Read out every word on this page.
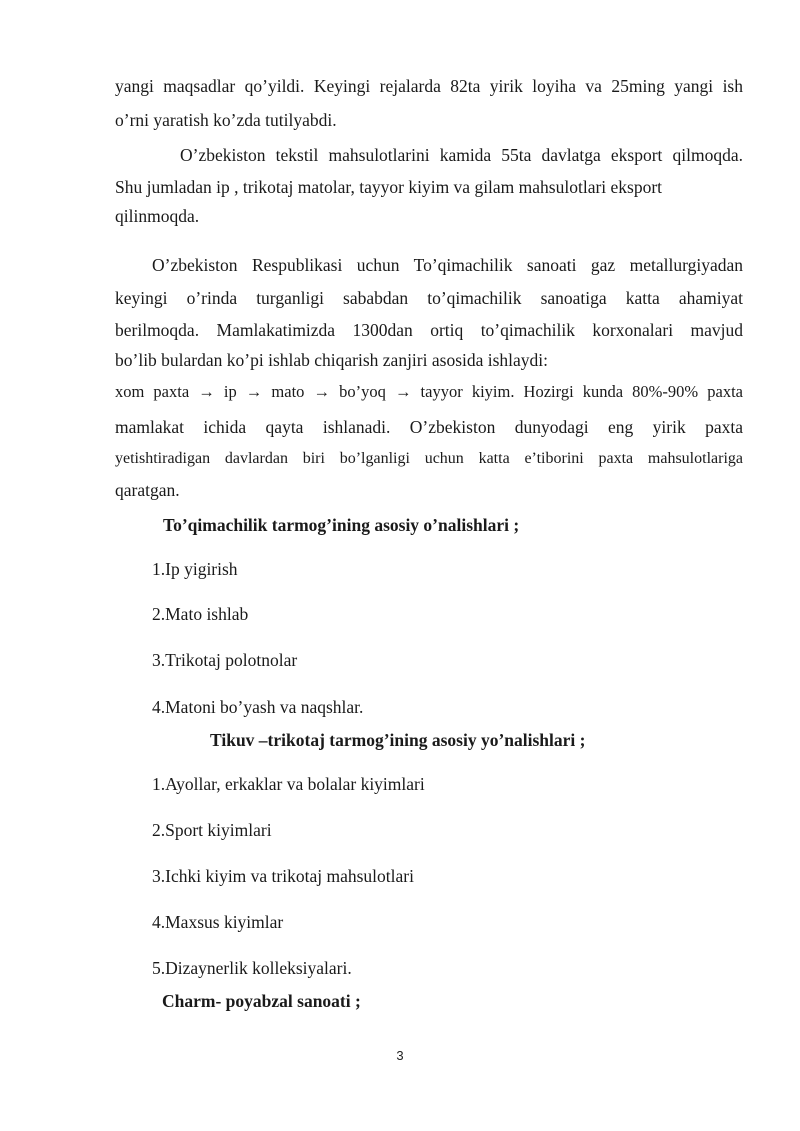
yangi maqsadlar qo’yildi. Keyingi rejalarda 82ta yirik loyiha va 25ming yangi ish
o’rni yaratish ko’zda tutilyabdi.
O’zbekiston tekstil mahsulotlarini kamida 55ta davlatga eksport qilmoqda.
Shu jumladan ip , trikotaj matolar, tayyor kiyim va gilam mahsulotlari eksport
qilinmoqda.
O’zbekiston Respublikasi uchun To’qimachilik sanoati gaz metallurgiyadan
keyingi o’rinda turganligi sababdan to’qimachilik sanoatiga katta ahamiyat
berilmoqda. Mamlakatimizda 1300dan ortiq to’qimachilik korxonalari mavjud
bo’lib bulardan ko’pi ishlab chiqarish zanjiri asosida ishlaydi:
xom paxta → ip → mato → bo’yoq → tayyor kiyim. Hozirgi kunda 80%-90% paxta
mamlakat ichida qayta ishlanadi. O’zbekiston dunyodagi eng yirik paxta
yetishtiradigan davlardan biri bo’lganligi uchun katta e’tiborini paxta mahsulotlariga
qaratgan.
To’qimachilik tarmog’ining asosiy o’nalishlari ;
1.Ip yigirish
2.Mato ishlab
3.Trikotaj polotnolar
4.Matoni bo’yash va naqshlar.
Tikuv –trikotaj tarmog’ining asosiy yo’nalishlari ;
1.Ayollar, erkaklar va bolalar kiyimlari
2.Sport kiyimlari
3.Ichki kiyim va trikotaj mahsulotlari
4.Maxsus kiyimlar
5.Dizaynerlik kolleksiyalari.
Charm- poyabzal sanoati ;
3
